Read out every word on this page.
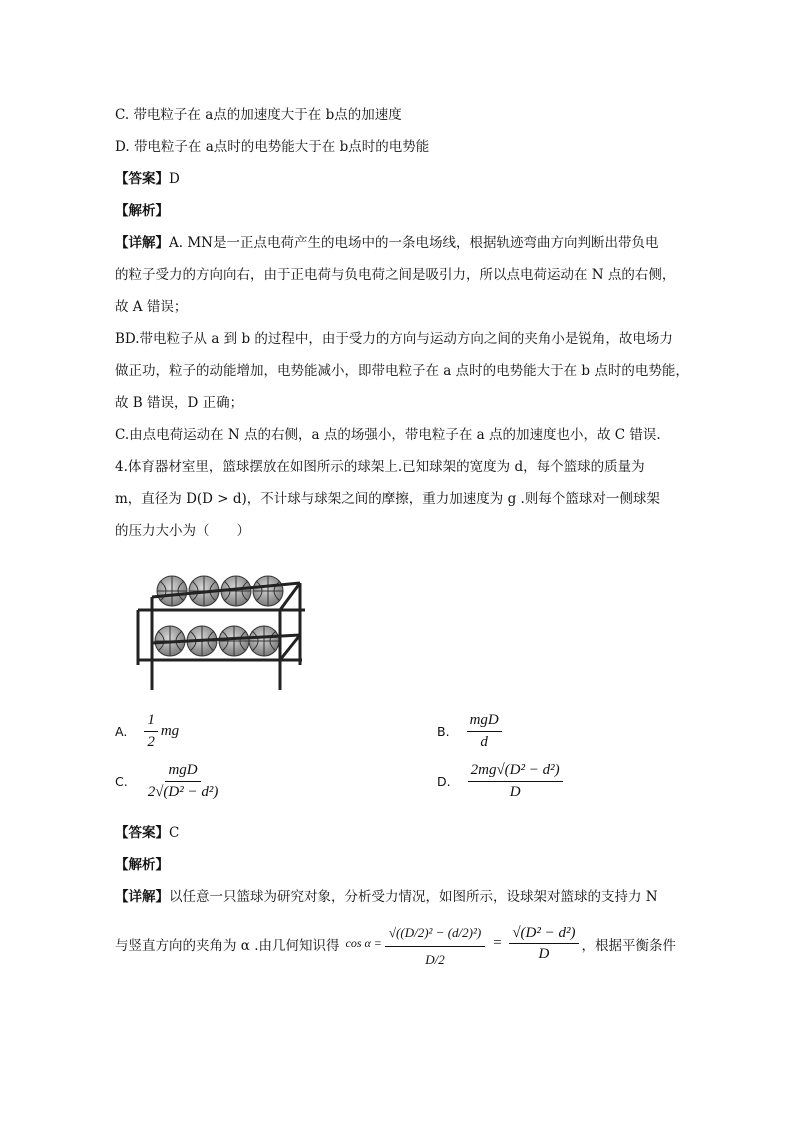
C. 带电粒子在 a点的加速度大于在 b点的加速度
D. 带电粒子在 a点时的电势能大于在 b点时的电势能
【答案】D
【解析】
【详解】A. MN是一正点电荷产生的电场中的一条电场线，根据轨迹弯曲方向判断出带负电
的粒子受力的方向向右，由于正电荷与负电荷之间是吸引力，所以点电荷运动在 N 点的右侧，
故 A 错误；
BD.带电粒子从 a 到 b 的过程中，由于受力的方向与运动方向之间的夹角小是锐角，故电场力
做正功，粒子的动能增加，电势能减小，即带电粒子在 a 点时的电势能大于在 b 点时的电势能，
故 B 错误，D 正确；
C.由点电荷运动在 N 点的右侧，a 点的场强小，带电粒子在 a 点的加速度也小，故 C 错误.
4.体育器材室里，篮球摆放在如图所示的球架上.已知球架的宽度为 d，每个篮球的质量为
m，直径为 D(D > d)，不计球与球架之间的摩擦，重力加速度为 g .则每个篮球对一侧球架
的压力大小为（　　）
A. $\frac{1}{2}$ mg	B. $\frac{\text{mgD}}{d}$
C. $\frac{\text{mgD}}{\text{2√(D² − d²)}}$	D. $\frac{\text{2mg√(D² − d²)}}{D}$
【答案】C
【解析】
【详解】以任意一只篮球为研究对象，分析受力情况，如图所示，设球架对篮球的支持力 N
与竖直方向的夹角为 α .由几何知识得 $\cos \alpha = \frac{\text{√((D/2)² − (d/2)²)}}{D/2} = \frac{\text{√(D² − d²)}}{D}$ ，根据平衡条件
